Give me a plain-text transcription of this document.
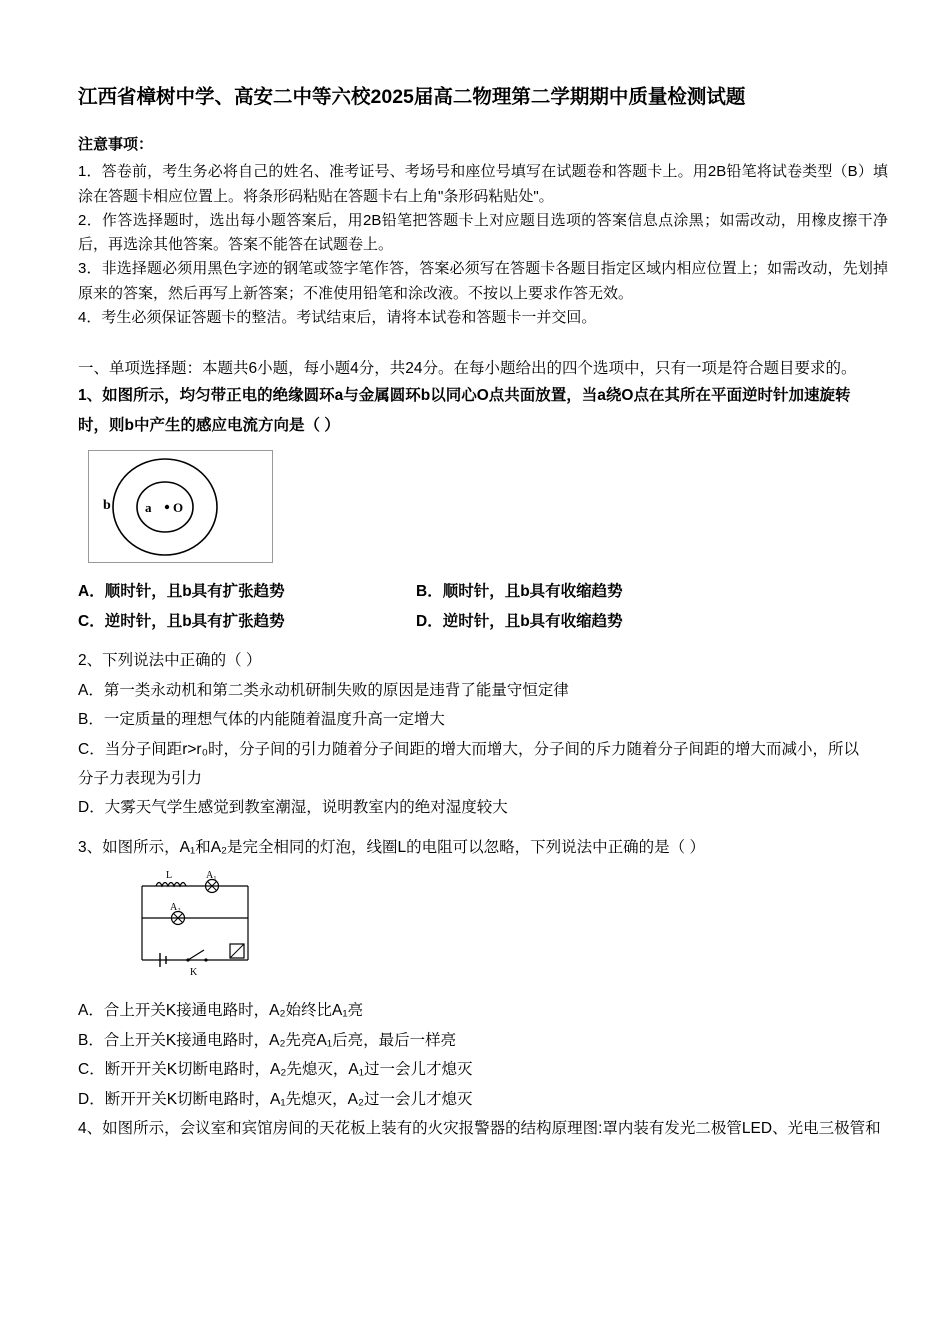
江西省樟树中学、高安二中等六校2025届高二物理第二学期期中质量检测试题
注意事项：

1．答卷前，考生务必将自己的姓名、准考证号、考场号和座位号填写在试题卷和答题卡上。用2B铅笔将试卷类型（B）填涂在答题卡相应位置上。将条形码粘贴在答题卡右上角"条形码粘贴处"。

2．作答选择题时，选出每小题答案后，用2B铅笔把答题卡上对应题目选项的答案信息点涂黑；如需改动，用橡皮擦干净后，再选涂其他答案。答案不能答在试题卷上。

3．非选择题必须用黑色字迹的钢笔或签字笔作答，答案必须写在答题卡各题目指定区域内相应位置上；如需改动，先划掉原来的答案，然后再写上新答案；不准使用铅笔和涂改液。不按以上要求作答无效。

4．考生必须保证答题卡的整洁。考试结束后，请将本试卷和答题卡一并交回。

一、单项选择题：本题共6小题，每小题4分，共24分。在每小题给出的四个选项中，只有一项是符合题目要求的。

1、如图所示，均匀带正电的绝缘圆环a与金属圆环b以同心O点共面放置，当a绕O点在其所在平面逆时针加速旋转

时，则b中产生的感应电流方向是（ ）

b	a O
A．顺时针，且b具有扩张趋势	B．顺时针，且b具有收缩趋势
C．逆时针，且b具有扩张趋势	D．逆时针，且b具有收缩趋势

2、下列说法中正确的（ ）

A．第一类永动机和第二类永动机研制失败的原因是违背了能量守恒定律

B．一定质量的理想气体的内能随着温度升高一定增大

C．当分子间距r>r₀时，分子间的引力随着分子间距的增大而增大，分子间的斥力随着分子间距的增大而减小，所以

分子力表现为引力

D．大雾天气学生感觉到教室潮湿，说明教室内的绝对湿度较大

3、如图所示，A₁和A₂是完全相同的灯泡，线圈L的电阻可以忽略，下列说法中正确的是（ ）

L	A₁
A₂
K

A．合上开关K接通电路时，A₂始终比A₁亮

B．合上开关K接通电路时，A₂先亮A₁后亮，最后一样亮

C．断开开关K切断电路时，A₂先熄灭，A₁过一会儿才熄灭

D．断开开关K切断电路时，A₁先熄灭，A₂过一会儿才熄灭

4、如图所示，会议室和宾馆房间的天花板上装有的火灾报警器的结构原理图:罩内装有发光二极管LED、光电三极管和
